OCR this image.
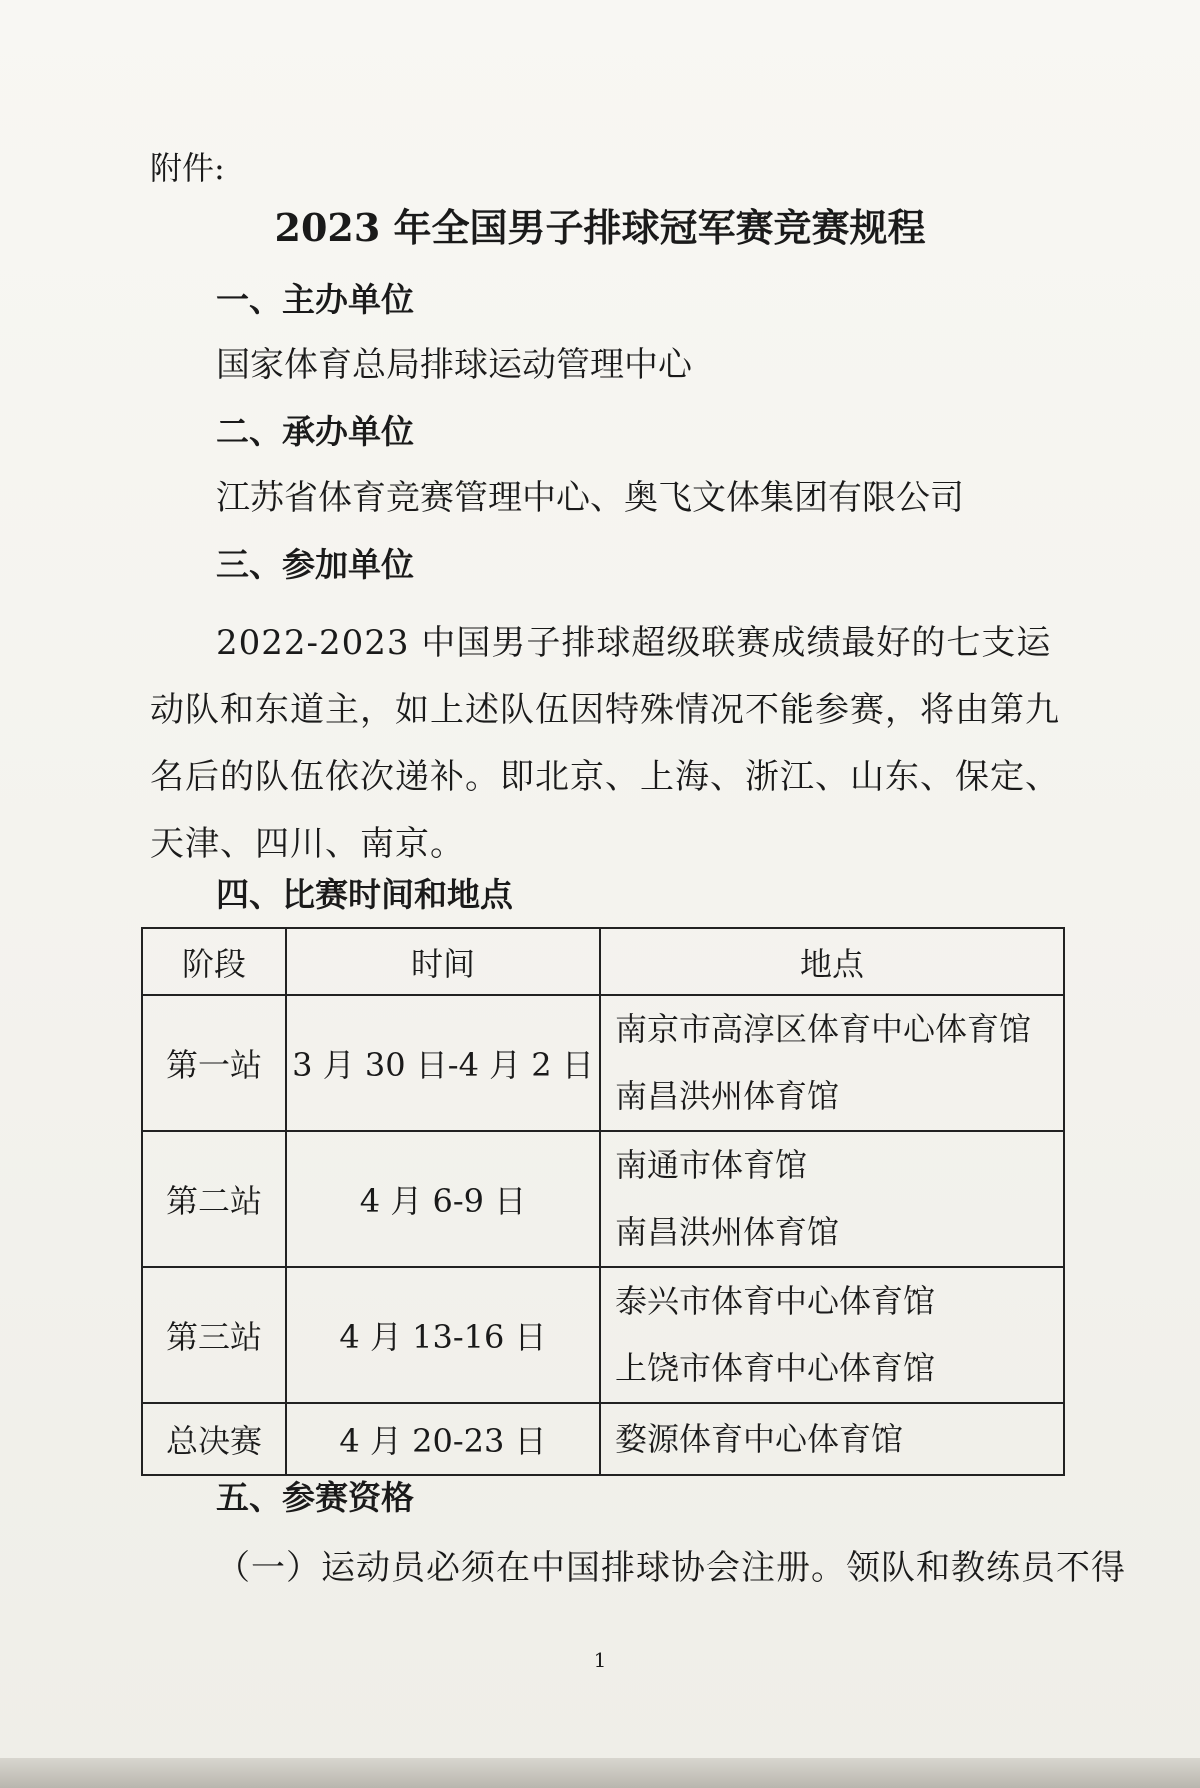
附件:
2023 年全国男子排球冠军赛竞赛规程
一、主办单位
国家体育总局排球运动管理中心
二、承办单位
江苏省体育竞赛管理中心、奥飞文体集团有限公司
三、参加单位
2022-2023 中国男子排球超级联赛成绩最好的七支运动队和东道主，如上述队伍因特殊情况不能参赛，将由第九名后的队伍依次递补。即北京、上海、浙江、山东、保定、天津、四川、南京。
四、比赛时间和地点
阶段	时间	地点
第一站	3 月 30 日-4 月 2 日	南京市高淳区体育中心体育馆
南昌洪州体育馆

第二站	4 月 6-9 日	南通市体育馆
南昌洪州体育馆

第三站	4 月 13-16 日	泰兴市体育中心体育馆
上饶市体育中心体育馆

总决赛	4 月 20-23 日	婺源体育中心体育馆
五、参赛资格
（一）运动员必须在中国排球协会注册。领队和教练员不得
1
